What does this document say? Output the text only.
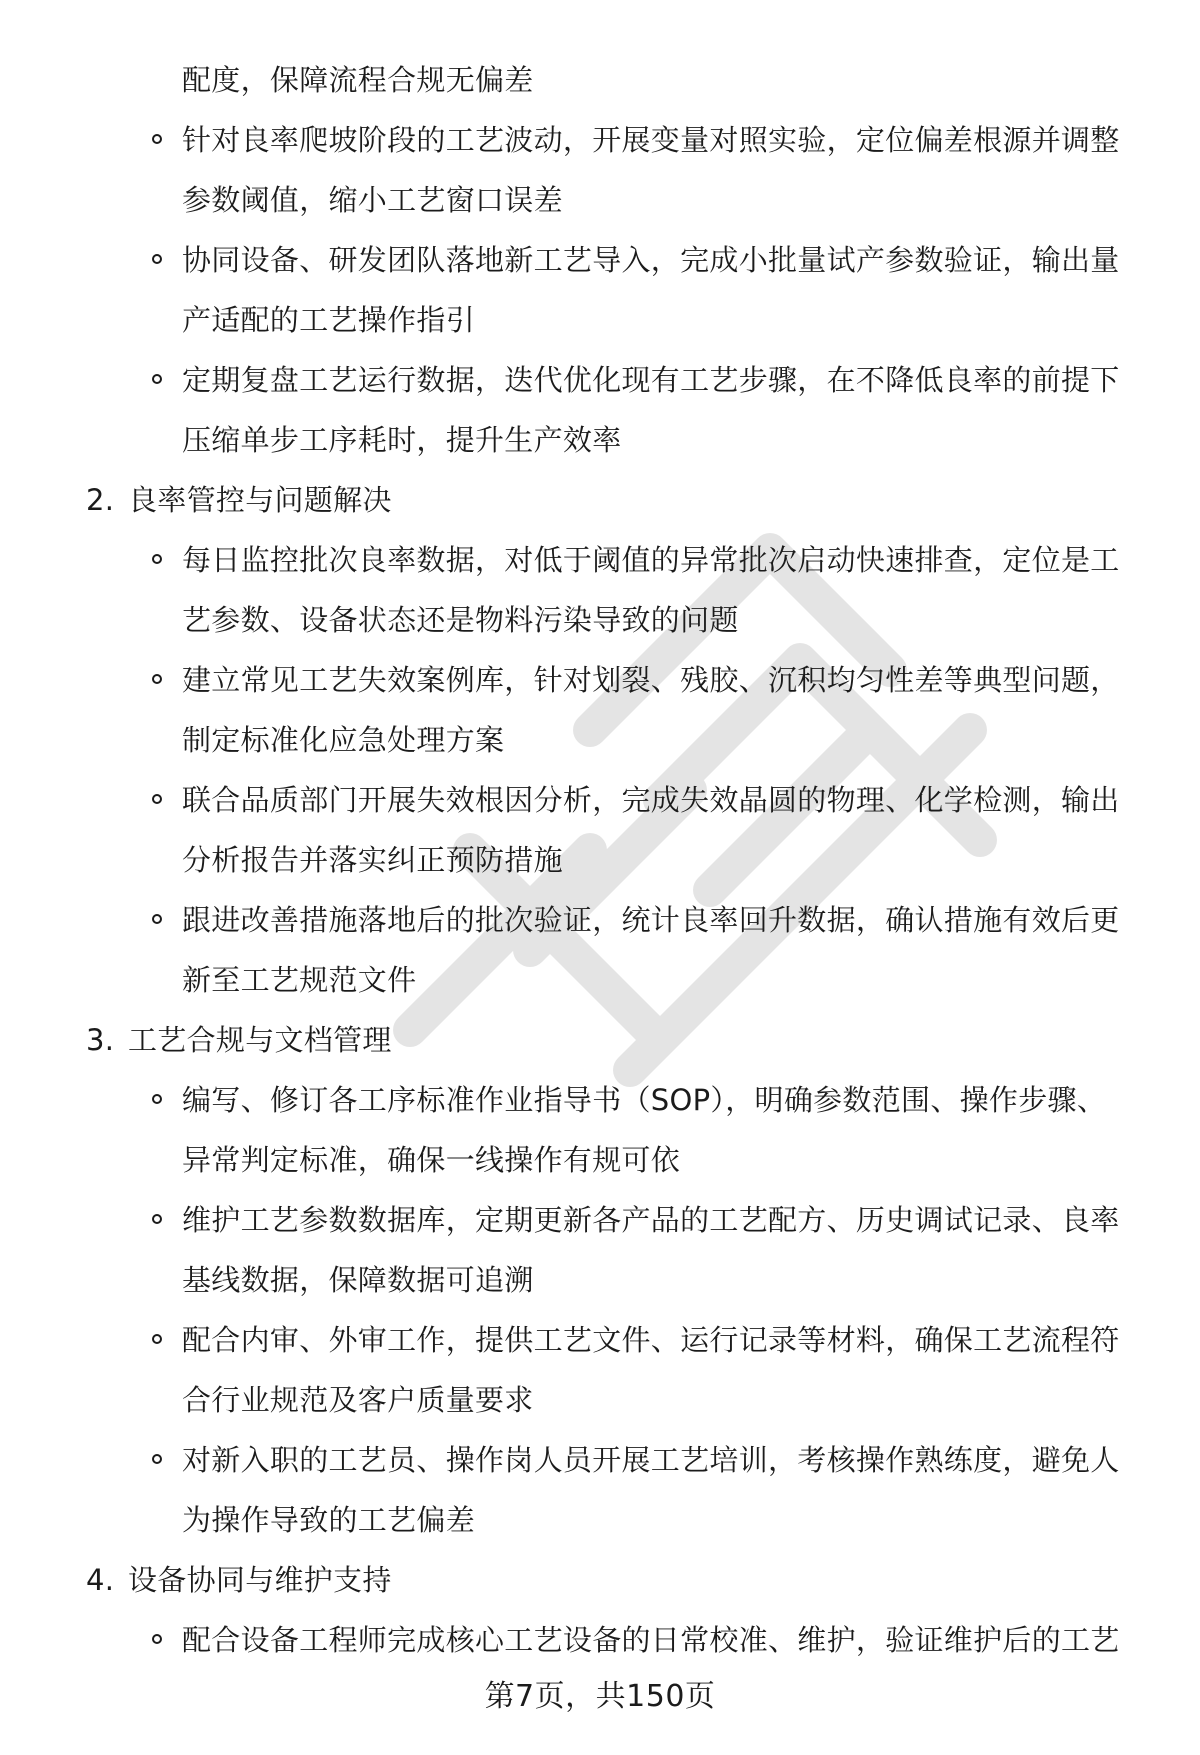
配度，保障流程合规无偏差
针对良率爬坡阶段的工艺波动，开展变量对照实验，定位偏差根源并调整
参数阈值，缩小工艺窗口误差
协同设备、研发团队落地新工艺导入，完成小批量试产参数验证，输出量
产适配的工艺操作指引
定期复盘工艺运行数据，迭代优化现有工艺步骤，在不降低良率的前提下
压缩单步工序耗时，提升生产效率
2. 良率管控与问题解决
每日监控批次良率数据，对低于阈值的异常批次启动快速排查，定位是工
艺参数、设备状态还是物料污染导致的问题
建立常见工艺失效案例库，针对划裂、残胶、沉积均匀性差等典型问题，
制定标准化应急处理方案
联合品质部门开展失效根因分析，完成失效晶圆的物理、化学检测，输出
分析报告并落实纠正预防措施
跟进改善措施落地后的批次验证，统计良率回升数据，确认措施有效后更
新至工艺规范文件
3. 工艺合规与文档管理
编写、修订各工序标准作业指导书（SOP），明确参数范围、操作步骤、
异常判定标准，确保一线操作有规可依
维护工艺参数数据库，定期更新各产品的工艺配方、历史调试记录、良率
基线数据，保障数据可追溯
配合内审、外审工作，提供工艺文件、运行记录等材料，确保工艺流程符
合行业规范及客户质量要求
对新入职的工艺员、操作岗人员开展工艺培训，考核操作熟练度，避免人
为操作导致的工艺偏差
4. 设备协同与维护支持
配合设备工程师完成核心工艺设备的日常校准、维护，验证维护后的工艺
第7页，共150页
